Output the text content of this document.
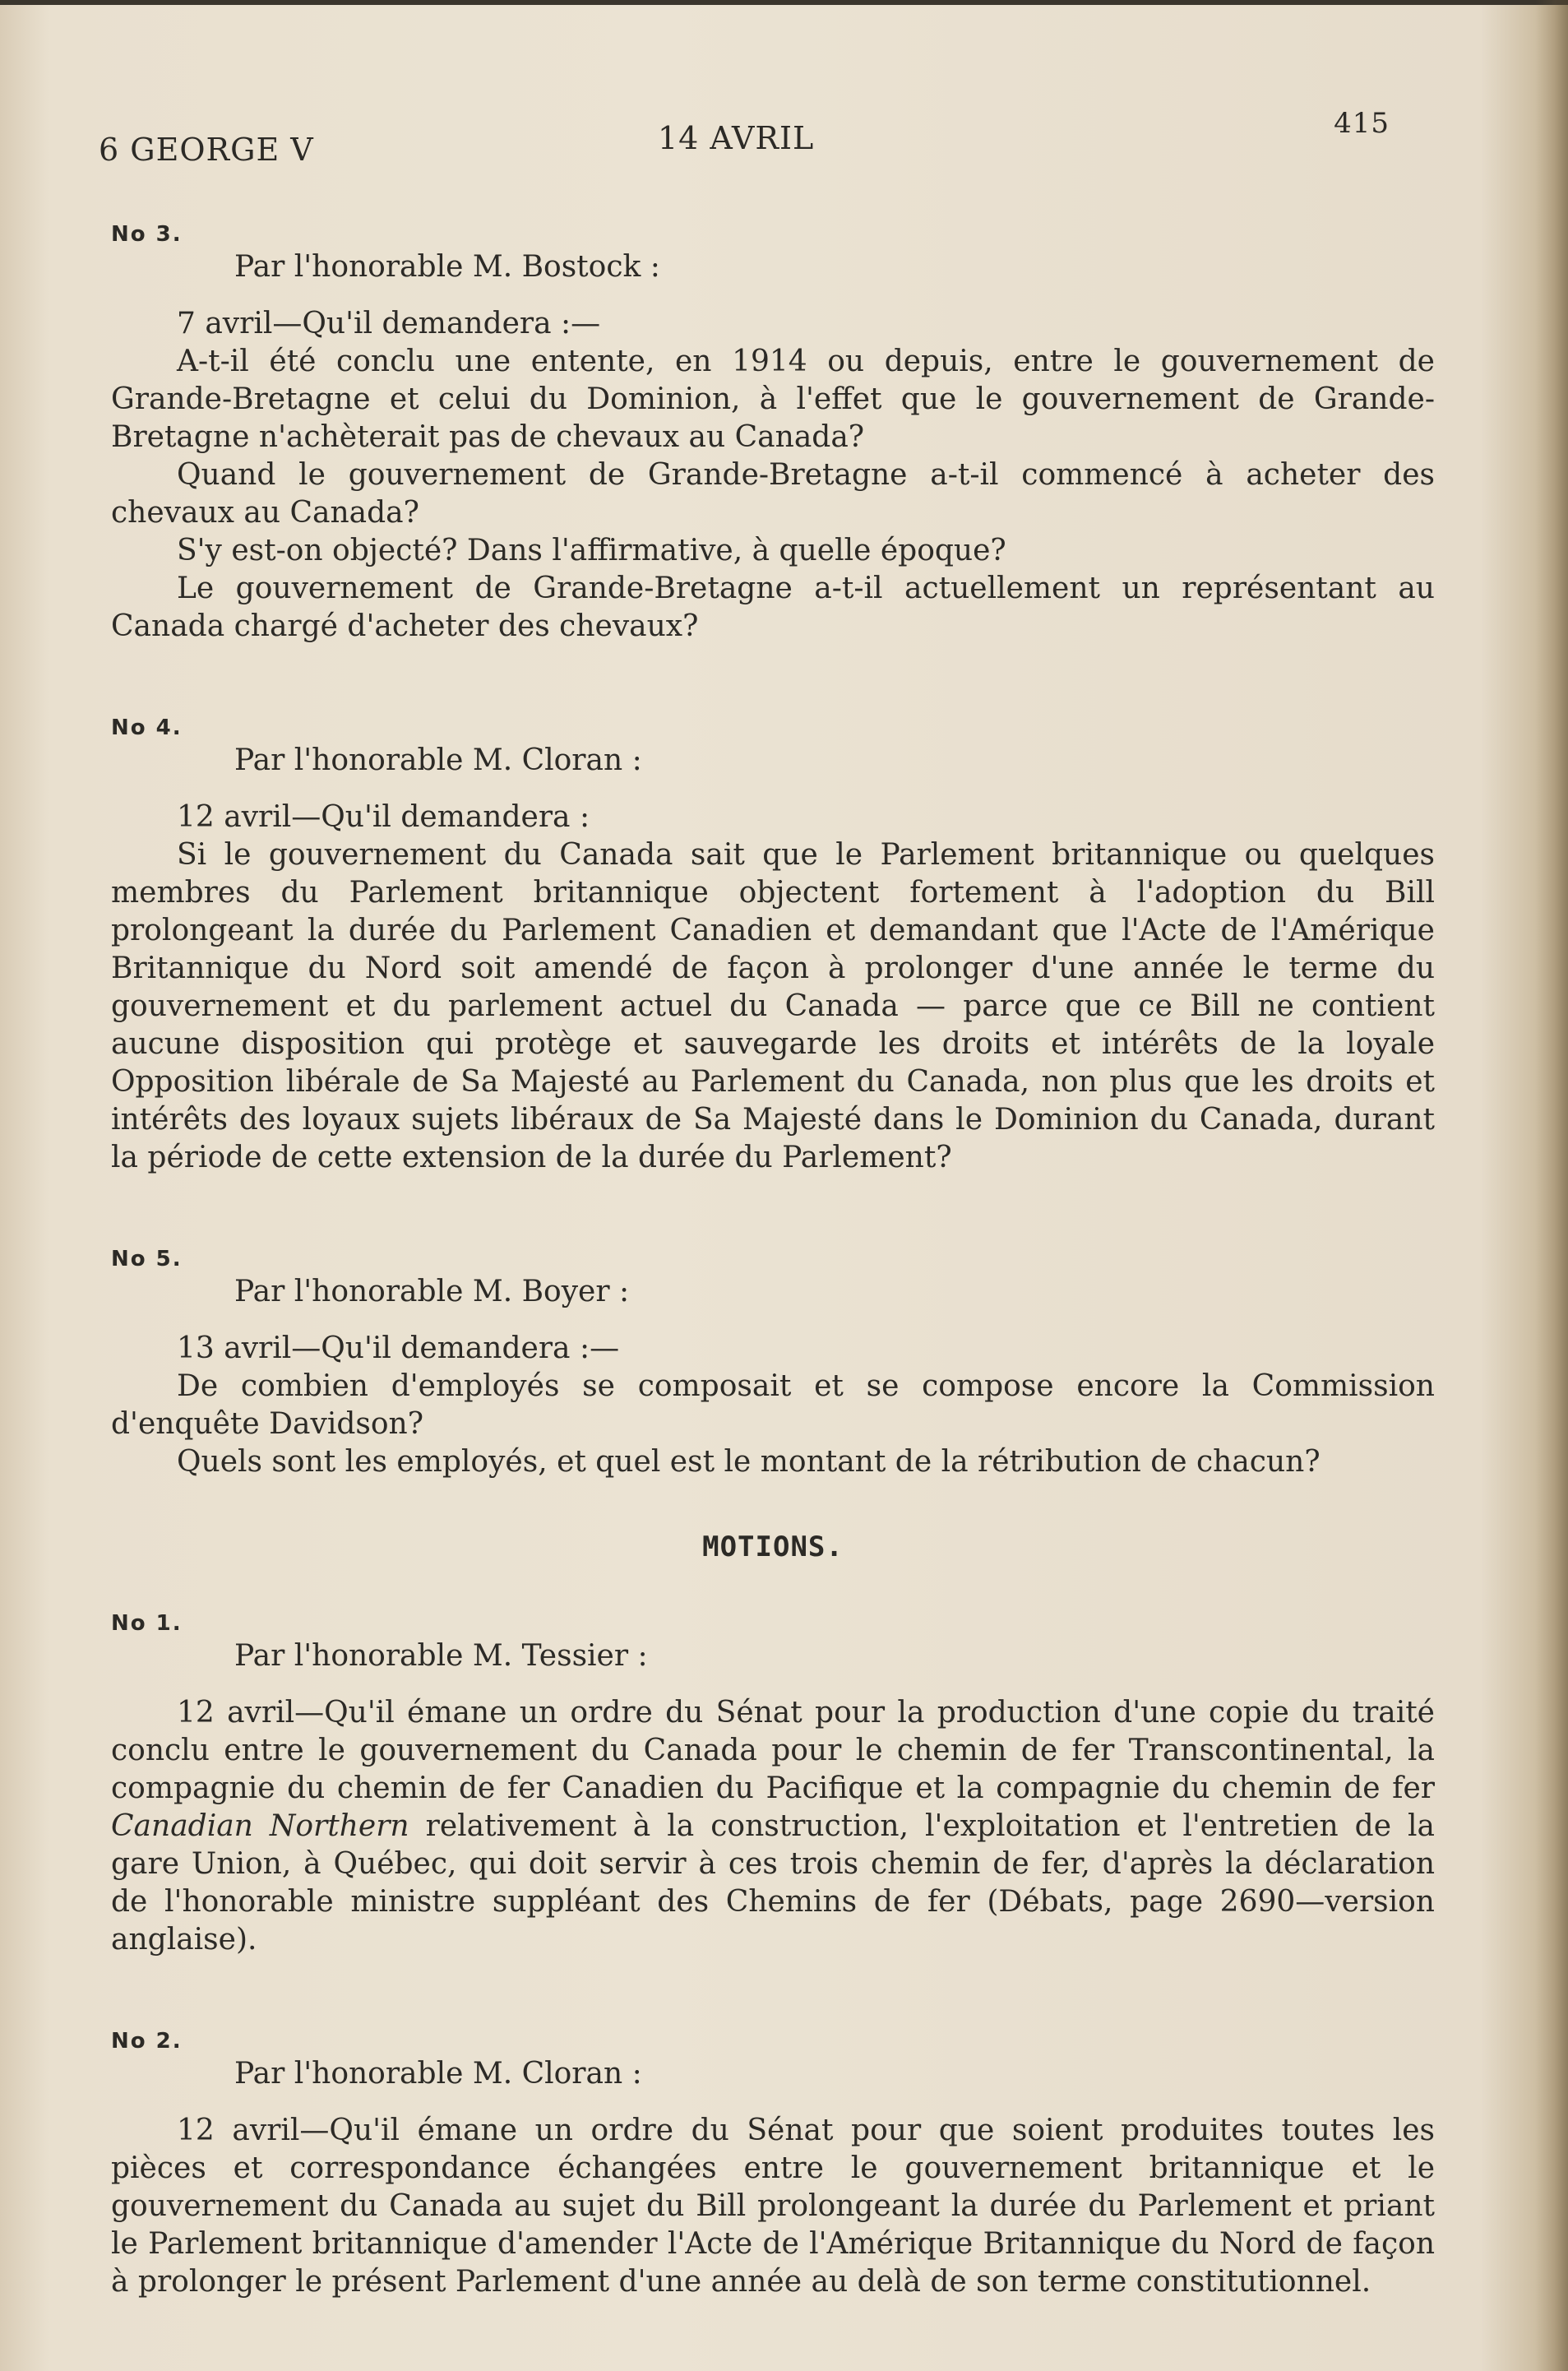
6 GEORGE V	14 AVRIL	415

No 3.

Par l'honorable M. Bostock :

7 avril—Qu'il demandera :—

A-t-il été conclu une entente, en 1914 ou depuis, entre le gouvernement de Grande-Bretagne et celui du Dominion, à l'effet que le gouvernement de Grande-Bretagne n'achèterait pas de chevaux au Canada?

Quand le gouvernement de Grande-Bretagne a-t-il commencé à acheter des chevaux au Canada?

S'y est-on objecté? Dans l'affirmative, à quelle époque?

Le gouvernement de Grande-Bretagne a-t-il actuellement un représentant au Canada chargé d'acheter des chevaux?

No 4.

Par l'honorable M. Cloran :

12 avril—Qu'il demandera :

Si le gouvernement du Canada sait que le Parlement britannique ou quelques membres du Parlement britannique objectent fortement à l'adoption du Bill prolongeant la durée du Parlement Canadien et demandant que l'Acte de l'Amérique Britannique du Nord soit amendé de façon à prolonger d'une année le terme du gouvernement et du parlement actuel du Canada — parce que ce Bill ne contient aucune disposition qui protège et sauvegarde les droits et intérêts de la loyale Opposition libérale de Sa Majesté au Parlement du Canada, non plus que les droits et intérêts des loyaux sujets libéraux de Sa Majesté dans le Dominion du Canada, durant la période de cette extension de la durée du Parlement?

No 5.

Par l'honorable M. Boyer :

13 avril—Qu'il demandera :—

De combien d'employés se composait et se compose encore la Commission d'enquête Davidson?

Quels sont les employés, et quel est le montant de la rétribution de chacun?

MOTIONS.

No 1.

Par l'honorable M. Tessier :

12 avril—Qu'il émane un ordre du Sénat pour la production d'une copie du traité conclu entre le gouvernement du Canada pour le chemin de fer Transcontinental, la compagnie du chemin de fer Canadien du Pacifique et la compagnie du chemin de fer Canadian Northern relativement à la construction, l'exploitation et l'entretien de la gare Union, à Québec, qui doit servir à ces trois chemin de fer, d'après la déclaration de l'honorable ministre suppléant des Chemins de fer (Débats, page 2690—version anglaise).

No 2.

Par l'honorable M. Cloran :

12 avril—Qu'il émane un ordre du Sénat pour que soient produites toutes les pièces et correspondance échangées entre le gouvernement britannique et le gouvernement du Canada au sujet du Bill prolongeant la durée du Parlement et priant le Parlement britannique d'amender l'Acte de l'Amérique Britannique du Nord de façon à prolonger le présent Parlement d'une année au delà de son terme constitutionnel.
